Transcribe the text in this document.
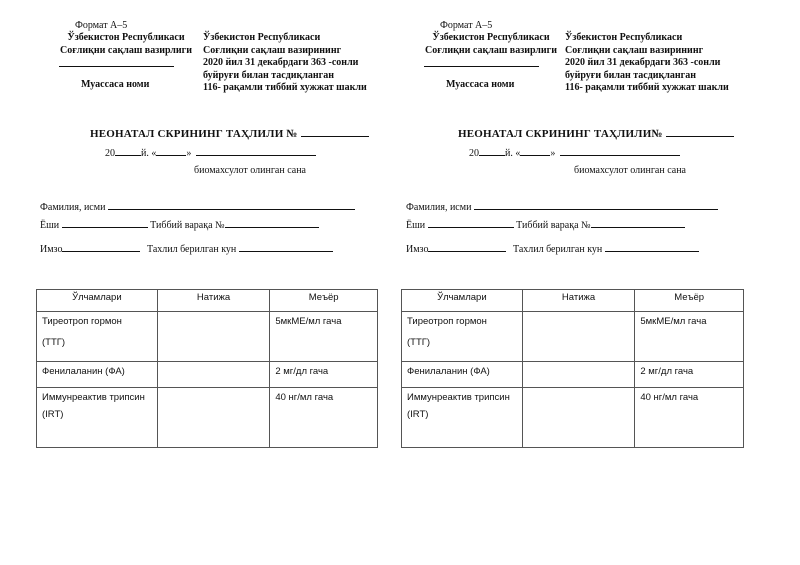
Формат А–5
Ўзбекистон Республикаси
Соғлиқни сақлаш вазирлиги
Муассаса номи
Ўзбекистон Республикаси
Соғлиқни сақлаш вазирининг
2020 йил 31 декабрдаги 363 -сонли
буйруғи билан тасдиқланган
116- рақамли тиббий хужжат шакли
НЕОНАТАЛ СКРИНИНГ ТАҲЛИЛИ №
20	й. «	»
биомахсулот олинган сана
Фамилия, исми
Ёши	Тиббий варақа №
Имзо	Тахлил берилган кун
Ўлчамлари	Натижа	Меъёр

Тиреотроп гормон
(ТТГ)		5мкМЕ/мл гача

Фенилаланин (ФА)		2 мг/дл гача

Иммунреактив трипсин
(IRT)		40 нг/мл гача
Формат А–5
Ўзбекистон Республикаси
Соғлиқни сақлаш вазирлиги
Муассаса номи
Ўзбекистон Республикаси
Соғлиқни сақлаш вазирининг
2020 йил 31 декабрдаги 363 -сонли
буйруғи билан тасдиқланган
116- рақамли тиббий хужжат шакли
НЕОНАТАЛ СКРИНИНГ ТАҲЛИЛИ№
20	й. «	»
биомахсулот олинган сана
Фамилия, исми
Ёши	Тиббий варақа №
Имзо	Тахлил берилган кун
Ўлчамлари	Натижа	Меъёр

Тиреотроп гормон
(ТТГ)		5мкМЕ/мл гача

Фенилаланин (ФА)		2 мг/дл гача

Иммунреактив трипсин
(IRT)		40 нг/мл гача
